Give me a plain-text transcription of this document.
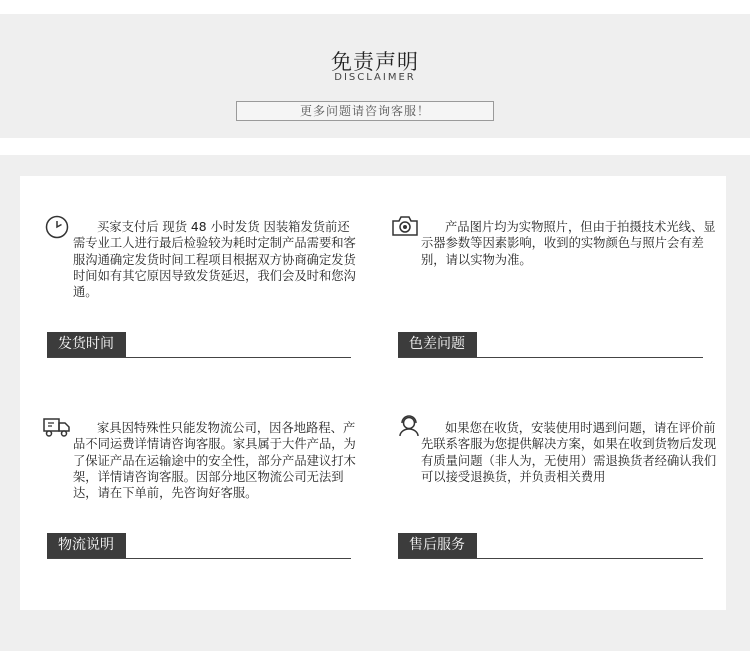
免责声明
DISCLAIMER
更多问题请咨询客服！
买家支付后 现货 48 小时发货 因装箱发货前还需专业工人进行最后检验较为耗时定制产品需要和客服沟通确定发货时间工程项目根据双方协商确定发货时间如有其它原因导致发货延迟，我们会及时和您沟通。
发货时间
产品图片均为实物照片，但由于拍摄技术光线、显示器参数等因素影响，收到的实物颜色与照片会有差别，请以实物为准。
色差问题
家具因特殊性只能发物流公司，因各地路程、产品不同运费详情请咨询客服。家具属于大件产品，为了保证产品在运输途中的安全性，部分产品建议打木架，详情请咨询客服。因部分地区物流公司无法到达，请在下单前，先咨询好客服。
物流说明
如果您在收货，安装使用时遇到问题，请在评价前先联系客服为您提供解决方案，如果在收到货物后发现有质量问题（非人为，无使用）需退换货者经确认我们可以接受退换货，并负责相关费用
售后服务
